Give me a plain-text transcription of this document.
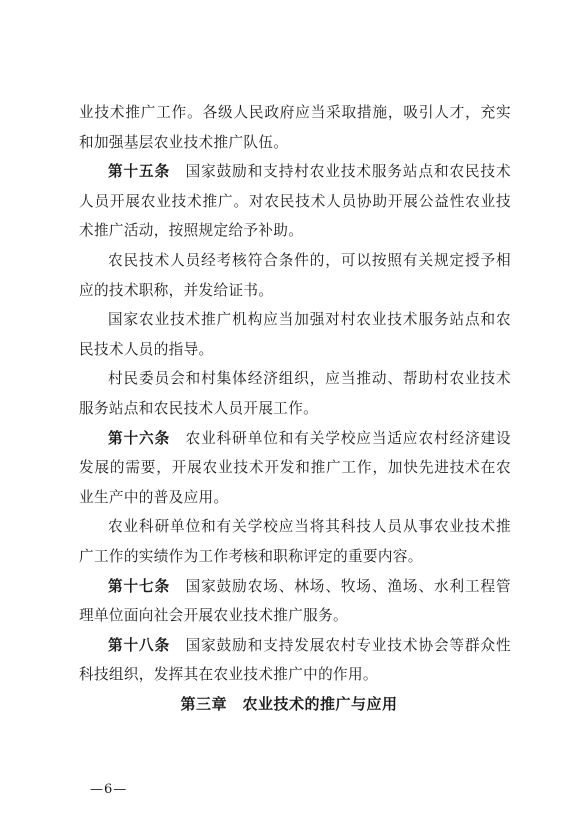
业技术推广工作。各级人民政府应当采取措施，吸引人才，充实和加强基层农业技术推广队伍。

第十五条　国家鼓励和支持村农业技术服务站点和农民技术人员开展农业技术推广。对农民技术人员协助开展公益性农业技术推广活动，按照规定给予补助。

农民技术人员经考核符合条件的，可以按照有关规定授予相应的技术职称，并发给证书。

国家农业技术推广机构应当加强对村农业技术服务站点和农民技术人员的指导。

村民委员会和村集体经济组织，应当推动、帮助村农业技术服务站点和农民技术人员开展工作。

第十六条　农业科研单位和有关学校应当适应农村经济建设发展的需要，开展农业技术开发和推广工作，加快先进技术在农业生产中的普及应用。

农业科研单位和有关学校应当将其科技人员从事农业技术推广工作的实绩作为工作考核和职称评定的重要内容。

第十七条　国家鼓励农场、林场、牧场、渔场、水利工程管理单位面向社会开展农业技术推广服务。

第十八条　国家鼓励和支持发展农村专业技术协会等群众性科技组织，发挥其在农业技术推广中的作用。

第三章　农业技术的推广与应用
—6—
